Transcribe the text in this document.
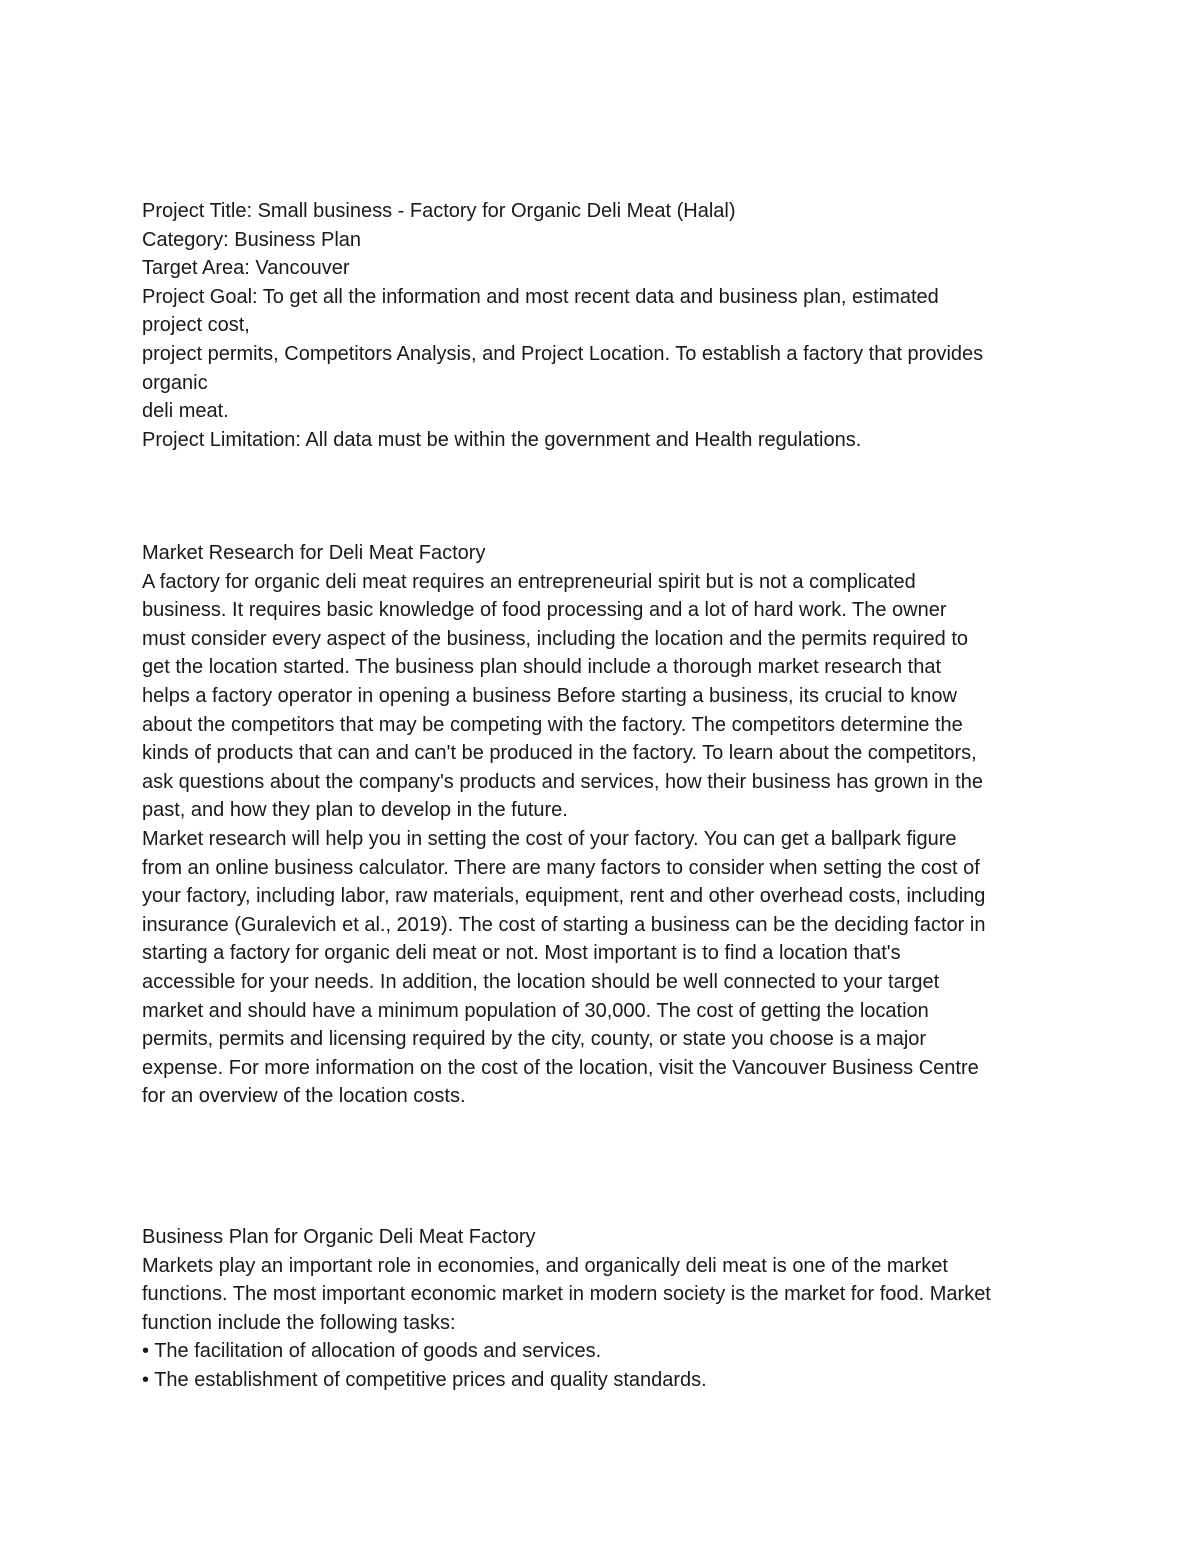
Project Title: Small business - Factory for Organic Deli Meat (Halal)

Category: Business Plan

Target Area: Vancouver

Project Goal: To get all the information and most recent data and business plan, estimated

project cost,

project permits, Competitors Analysis, and Project Location. To establish a factory that provides

organic

deli meat.

Project Limitation: All data must be within the government and Health regulations.

Market Research for Deli Meat Factory

A factory for organic deli meat requires an entrepreneurial spirit but is not a complicated

business. It requires basic knowledge of food processing and a lot of hard work. The owner

must consider every aspect of the business, including the location and the permits required to

get the location started. The business plan should include a thorough market research that

helps a factory operator in opening a business Before starting a business, its crucial to know

about the competitors that may be competing with the factory. The competitors determine the

kinds of products that can and can't be produced in the factory. To learn about the competitors,

ask questions about the company's products and services, how their business has grown in the

past, and how they plan to develop in the future.

Market research will help you in setting the cost of your factory. You can get a ballpark figure

from an online business calculator. There are many factors to consider when setting the cost of

your factory, including labor, raw materials, equipment, rent and other overhead costs, including

insurance (Guralevich et al., 2019). The cost of starting a business can be the deciding factor in

starting a factory for organic deli meat or not. Most important is to find a location that's

accessible for your needs. In addition, the location should be well connected to your target

market and should have a minimum population of 30,000. The cost of getting the location

permits, permits and licensing required by the city, county, or state you choose is a major

expense. For more information on the cost of the location, visit the Vancouver Business Centre

for an overview of the location costs.

Business Plan for Organic Deli Meat Factory

Markets play an important role in economies, and organically deli meat is one of the market

functions. The most important economic market in modern society is the market for food. Market

function include the following tasks:

• The facilitation of allocation of goods and services.

• The establishment of competitive prices and quality standards.
